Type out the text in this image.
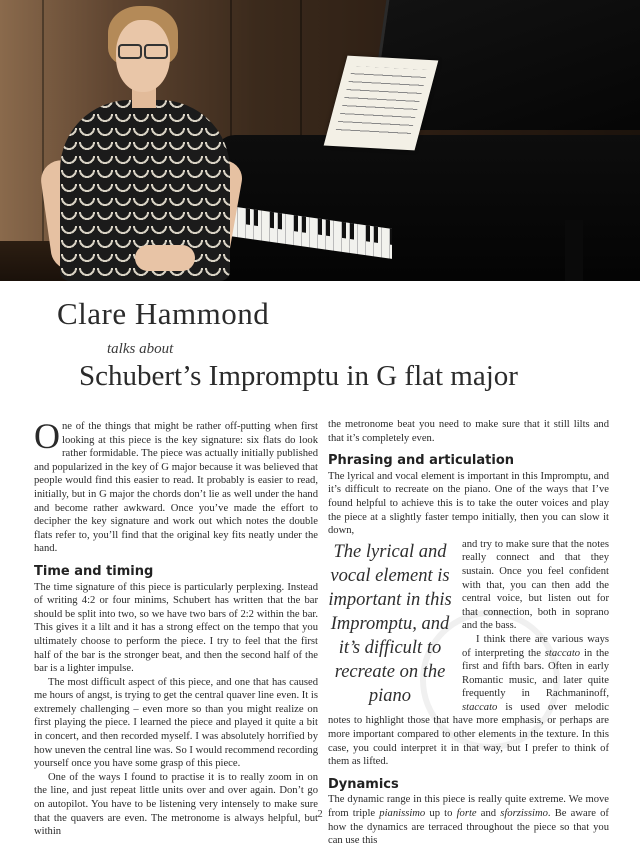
Clare Hammond
talks about
Schubert’s Impromptu in G flat major

One of the things that might be rather off-putting when first looking at this piece is the key signature: six flats do look rather formidable. The piece was actually initially published and popularized in the key of G major because it was believed that people would find this easier to read. It probably is easier to read, initially, but in G major the chords don’t lie as well under the hand and become rather awkward. Once you’ve made the effort to decipher the key signature and work out which notes the double flats refer to, you’ll find that the original key fits neatly under the hand.

Time and timing

The time signature of this piece is particularly perplexing. Instead of writing 4:2 or four minims, Schubert has written that the bar should be split into two, so we have two bars of 2:2 within the bar. This gives it a lilt and it has a strong effect on the tempo that you ultimately choose to perform the piece. I try to feel that the first half of the bar is the stronger beat, and then the second half of the bar is a lighter impulse.

The most difficult aspect of this piece, and one that has caused me hours of angst, is trying to get the central quaver line even. It is extremely challenging – even more so than you might realize on first playing the piece. I learned the piece and played it quite a bit in concert, and then recorded myself. I was absolutely horrified by how uneven the central line was. So I would recommend recording yourself once you have some grasp of this piece.

One of the ways I found to practise it is to really zoom in on the line, and just repeat little units over and over again. Don’t go on autopilot. You have to be listening very intensely to make sure that the quavers are even. The metronome is always helpful, but within

the metronome beat you need to make sure that it still lilts and that it’s completely even.

Phrasing and articulation

The lyrical and vocal element is important in this Impromptu, and it’s difficult to recreate on the piano. One of the ways that I’ve found helpful to achieve this is to take the outer voices and play the piece at a slightly faster tempo initially, then you can slow it down,

The lyrical and vocal element is important in this Impromptu, and it’s difficult to recreate on the piano

and try to make sure that the notes really connect and that they sustain. Once you feel confident with that, you can then add the central voice, but listen out for that connection, both in soprano and the bass.

I think there are various ways of interpreting the staccato in the first and fifth bars. Often in early Romantic music, and later quite frequently in Rachmaninoff, staccato is used over melodic notes to highlight those that have more emphasis, or perhaps are more important compared to other elements in the texture. In this case, you could interpret it in that way, but I prefer to think of them as lifted.

Dynamics

The dynamic range in this piece is really quite extreme. We move from triple pianissimo up to forte and sforzissimo. Be aware of how the dynamics are terraced throughout the piece so that you can use this

2
